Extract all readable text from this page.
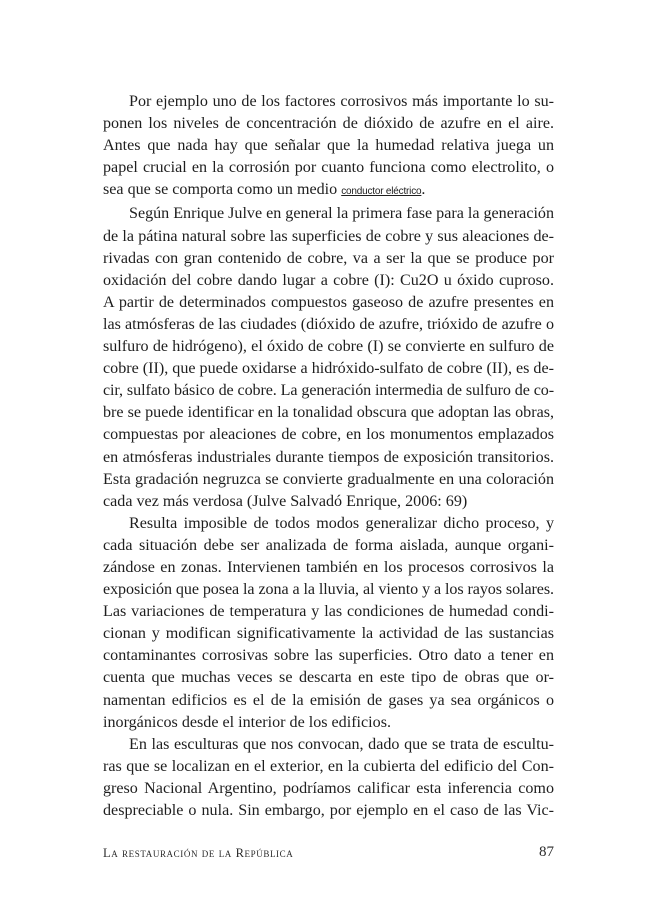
Por ejemplo uno de los factores corrosivos más importante lo su-
ponen los niveles de concentración de dióxido de azufre en el aire.
Antes que nada hay que señalar que la humedad relativa juega un
papel crucial en la corrosión por cuanto funciona como electrolito, o
sea que se comporta como un medio conductor eléctrico.

Según Enrique Julve en general la primera fase para la generación
de la pátina natural sobre las superficies de cobre y sus aleaciones de-
rivadas con gran contenido de cobre, va a ser la que se produce por
oxidación del cobre dando lugar a cobre (I): Cu2O u óxido cuproso.
A partir de determinados compuestos gaseoso de azufre presentes en
las atmósferas de las ciudades (dióxido de azufre, trióxido de azufre o
sulfuro de hidrógeno), el óxido de cobre (I) se convierte en sulfuro de
cobre (II), que puede oxidarse a hidróxido-sulfato de cobre (II), es de-
cir, sulfato básico de cobre. La generación intermedia de sulfuro de co-
bre se puede identificar en la tonalidad obscura que adoptan las obras,
compuestas por aleaciones de cobre, en los monumentos emplazados
en atmósferas industriales durante tiempos de exposición transitorios.
Esta gradación negruzca se convierte gradualmente en una coloración
cada vez más verdosa (Julve Salvadó Enrique, 2006: 69)

Resulta imposible de todos modos generalizar dicho proceso, y
cada situación debe ser analizada de forma aislada, aunque organi-
zándose en zonas. Intervienen también en los procesos corrosivos la
exposición que posea la zona a la lluvia, al viento y a los rayos solares.
Las variaciones de temperatura y las condiciones de humedad condi-
cionan y modifican significativamente la actividad de las sustancias
contaminantes corrosivas sobre las superficies. Otro dato a tener en
cuenta que muchas veces se descarta en este tipo de obras que or-
namentan edificios es el de la emisión de gases ya sea orgánicos o
inorgánicos desde el interior de los edificios.

En las esculturas que nos convocan, dado que se trata de escultu-
ras que se localizan en el exterior, en la cubierta del edificio del Con-
greso Nacional Argentino, podríamos calificar esta inferencia como
despreciable o nula. Sin embargo, por ejemplo en el caso de las Vic-

La restauración de la República	87
